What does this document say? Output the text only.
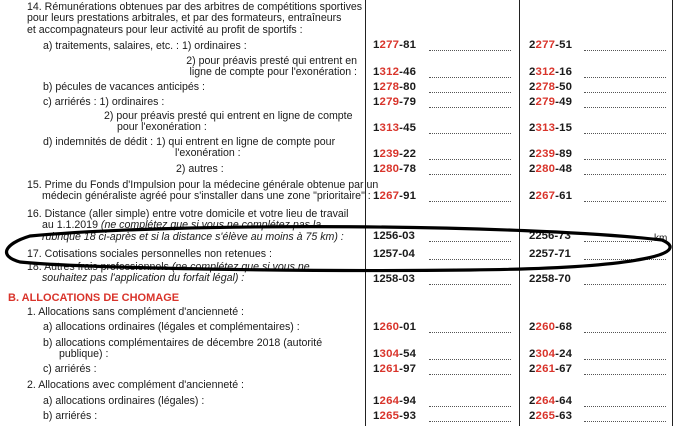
14. Rémunérations obtenues par des arbitres de compétitions sportives
pour leurs prestations arbitrales, et par des formateurs, entraîneurs
et accompagnateurs pour leur activité au profit de sportifs :
a) traitements, salaires, etc. : 1) ordinaires :	1277-81	2277-51
2) pour préavis presté qui entrent en
ligne de compte pour l'exonération : 1312-46	2312-16
b) pécules de vacances anticipés :	1278-80	2278-50
c) arriérés : 1) ordinaires :	1279-79	2279-49
2) pour préavis presté qui entrent en ligne de compte
pour l'exonération :	1313-45	2313-15
d) indemnités de dédit : 1) qui entrent en ligne de compte pour
l'exonération :	1239-22	2239-89
2) autres :	1280-78	2280-48
15. Prime du Fonds d'Impulsion pour la médecine générale obtenue par un
médecin généraliste agréé pour s'installer dans une zone "prioritaire" : 1267-91	2267-61
16. Distance (aller simple) entre votre domicile et votre lieu de travail
au 1.1.2019 (ne complétez que si vous ne complétez pas la
rubrique 18 ci-après et si la distance s'élève au moins à 75 km) :	1256-03	2256-73	km
17. Cotisations sociales personnelles non retenues :	1257-04	2257-71
18. Autres frais professionnels (ne complétez que si vous ne
souhaitez pas l'application du forfait légal) :	1258-03	2258-70
B. ALLOCATIONS DE CHOMAGE
1. Allocations sans complément d'ancienneté :
a) allocations ordinaires (légales et complémentaires) :	1260-01	2260-68
b) allocations complémentaires de décembre 2018 (autorité
publique) :	1304-54	2304-24
c) arriérés :	1261-97	2261-67
2. Allocations avec complément d'ancienneté :
a) allocations ordinaires (légales) :	1264-94	2264-64
b) arriérés :	1265-93	2265-63
